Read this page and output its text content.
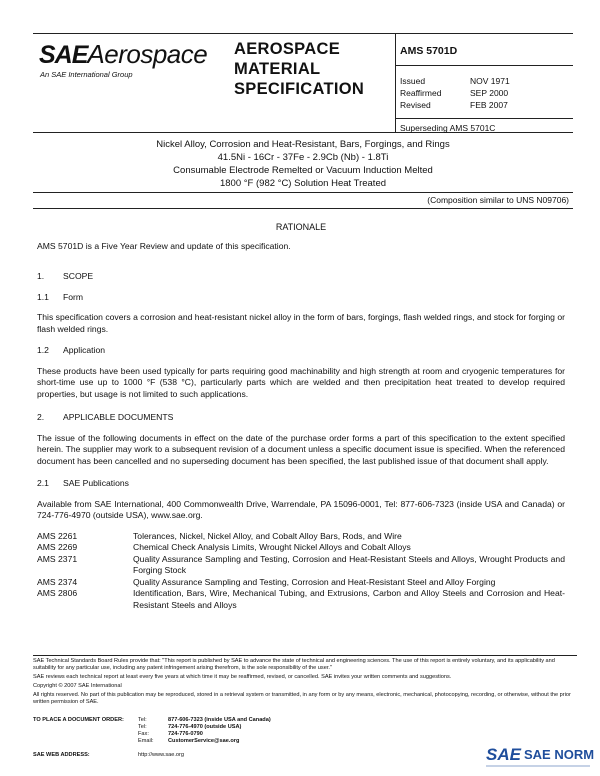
SAEAerospace
An SAE International Group
AEROSPACE
MATERIAL
SPECIFICATION
AMS 5701D
Issued	NOV 1971
Reaffirmed	SEP 2000
Revised	FEB 2007
Superseding AMS 5701C
Nickel Alloy, Corrosion and Heat-Resistant, Bars, Forgings, and Rings
41.5Ni - 16Cr - 37Fe - 2.9Cb (Nb) - 1.8Ti
Consumable Electrode Remelted or Vacuum Induction Melted
1800 °F (982 °C) Solution Heat Treated
(Composition similar to UNS N09706)

RATIONALE

AMS 5701D is a Five Year Review and update of this specification.

1. SCOPE

1.1 Form

This specification covers a corrosion and heat-resistant nickel alloy in the form of bars, forgings, flash welded rings, and stock for forging or flash welded rings.

1.2 Application

These products have been used typically for parts requiring good machinability and high strength at room and cryogenic temperatures for short-time use up to 1000 °F (538 °C), particularly parts which are welded and then precipitation heat treated to develop required properties, but usage is not limited to such applications.

2. APPLICABLE DOCUMENTS

The issue of the following documents in effect on the date of the purchase order forms a part of this specification to the extent specified herein. The supplier may work to a subsequent revision of a document unless a specific document issue is specified. When the referenced document has been cancelled and no superseding document has been specified, the last published issue of that document shall apply.

2.1 SAE Publications

Available from SAE International, 400 Commonwealth Drive, Warrendale, PA 15096-0001, Tel: 877-606-7323 (inside USA and Canada) or 724-776-4970 (outside USA), www.sae.org.

AMS 2261	Tolerances, Nickel, Nickel Alloy, and Cobalt Alloy Bars, Rods, and Wire
AMS 2269	Chemical Check Analysis Limits, Wrought Nickel Alloys and Cobalt Alloys
AMS 2371	Quality Assurance Sampling and Testing, Corrosion and Heat-Resistant Steels and Alloys, Wrought Products and Forging Stock
AMS 2374	Quality Assurance Sampling and Testing, Corrosion and Heat-Resistant Steel and Alloy Forging
AMS 2806	Identification, Bars, Wire, Mechanical Tubing, and Extrusions, Carbon and Alloy Steels and Corrosion and Heat-Resistant Steels and Alloys

SAE Technical Standards Board Rules provide that: "This report is published by SAE to advance the state of technical and engineering sciences. The use of this report is entirely voluntary, and its applicability and suitability for any particular use, including any patent infringement arising therefrom, is the sole responsibility of the user."

SAE reviews each technical report at least every five years at which time it may be reaffirmed, revised, or cancelled. SAE invites your written comments and suggestions.

Copyright © 2007 SAE International

All rights reserved. No part of this publication may be reproduced, stored in a retrieval system or transmitted, in any form or by any means, electronic, mechanical, photocopying, recording, or otherwise, without the prior written permission of SAE.

TO PLACE A DOCUMENT ORDER:	Tel:	877-606-7323 (inside USA and Canada)
Tel:	724-776-4970 (outside USA)
Fax:	724-776-0790
Email:	CustomerService@sae.org
SAE WEB ADDRESS:	http://www.sae.org	SAE SAE NORM
